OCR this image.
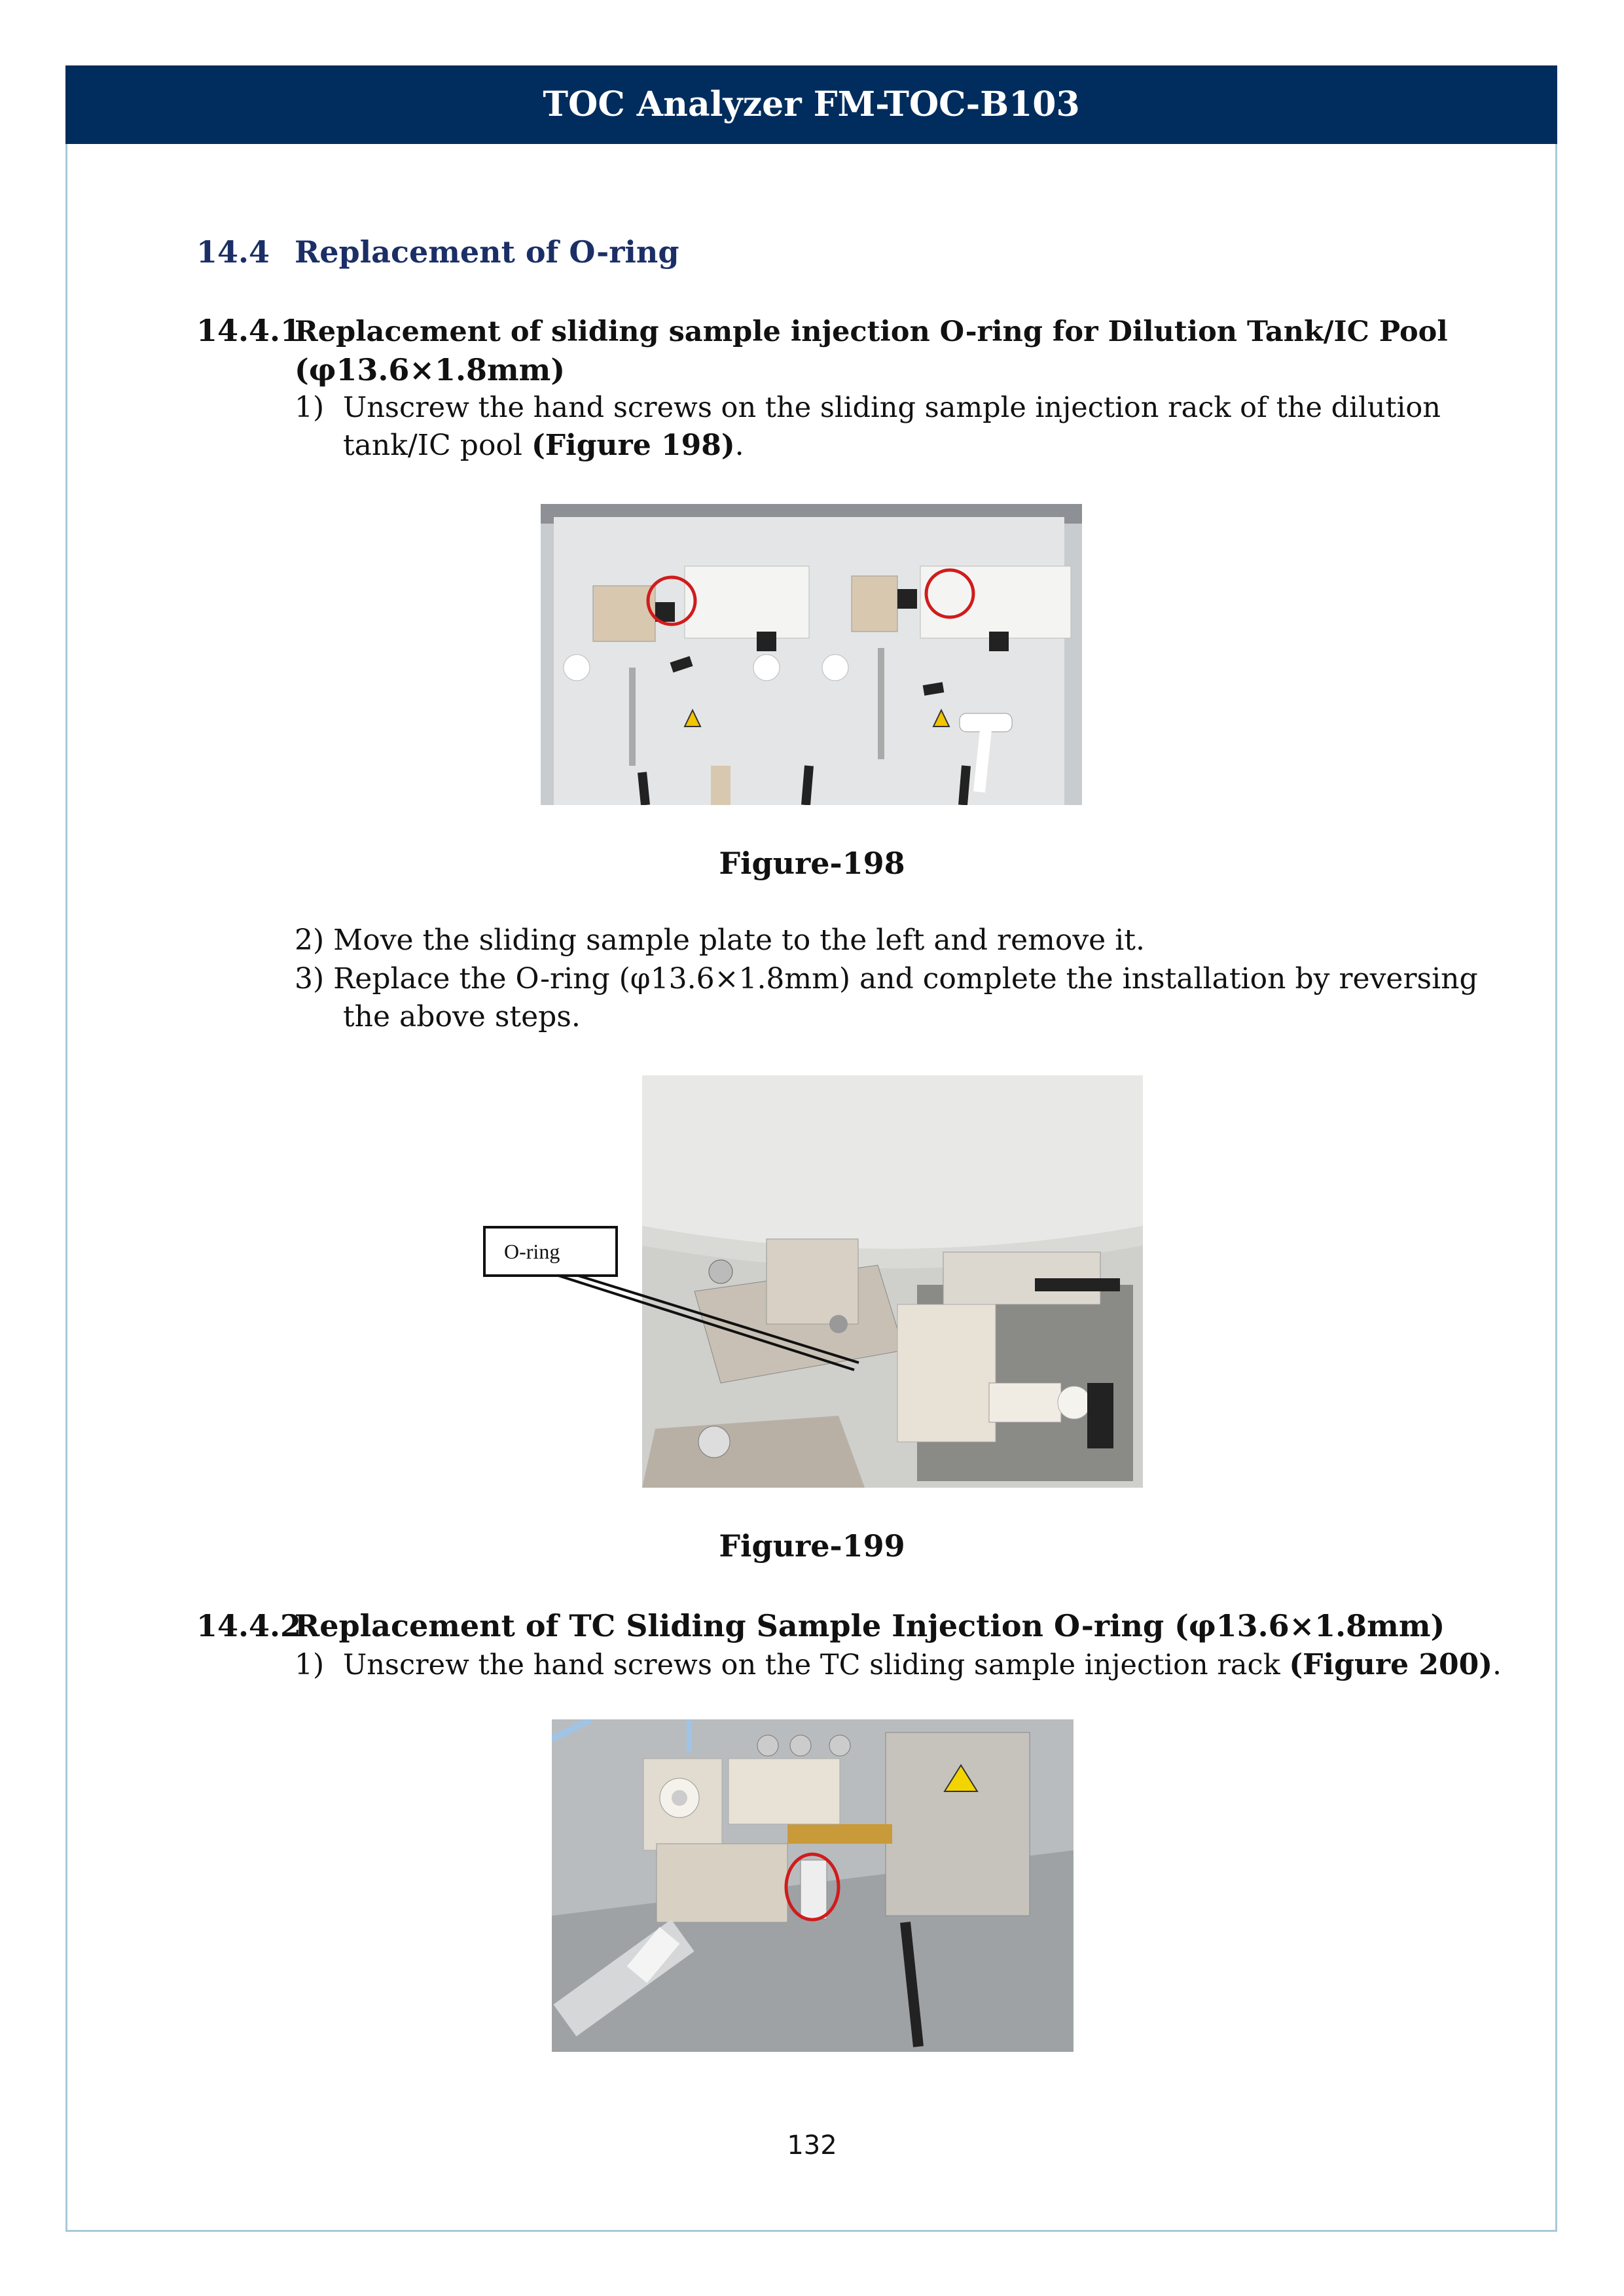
TOC Analyzer FM-TOC-B103
14.4 Replacement of O-ring
14.4.1Replacement of sliding sample injection O-ring for Dilution Tank/IC Pool
(φ13.6×1.8mm)
1) Unscrew the hand screws on the sliding sample injection rack of the dilution
tank/IC pool (Figure 198).
Figure-198
2) Move the sliding sample plate to the left and remove it.
3) Replace the O-ring (φ13.6×1.8mm) and complete the installation by reversing
the above steps.
O-ring
Figure-199
14.4.2Replacement of TC Sliding Sample Injection O-ring (φ13.6×1.8mm)
1) Unscrew the hand screws on the TC sliding sample injection rack (Figure 200).
132
